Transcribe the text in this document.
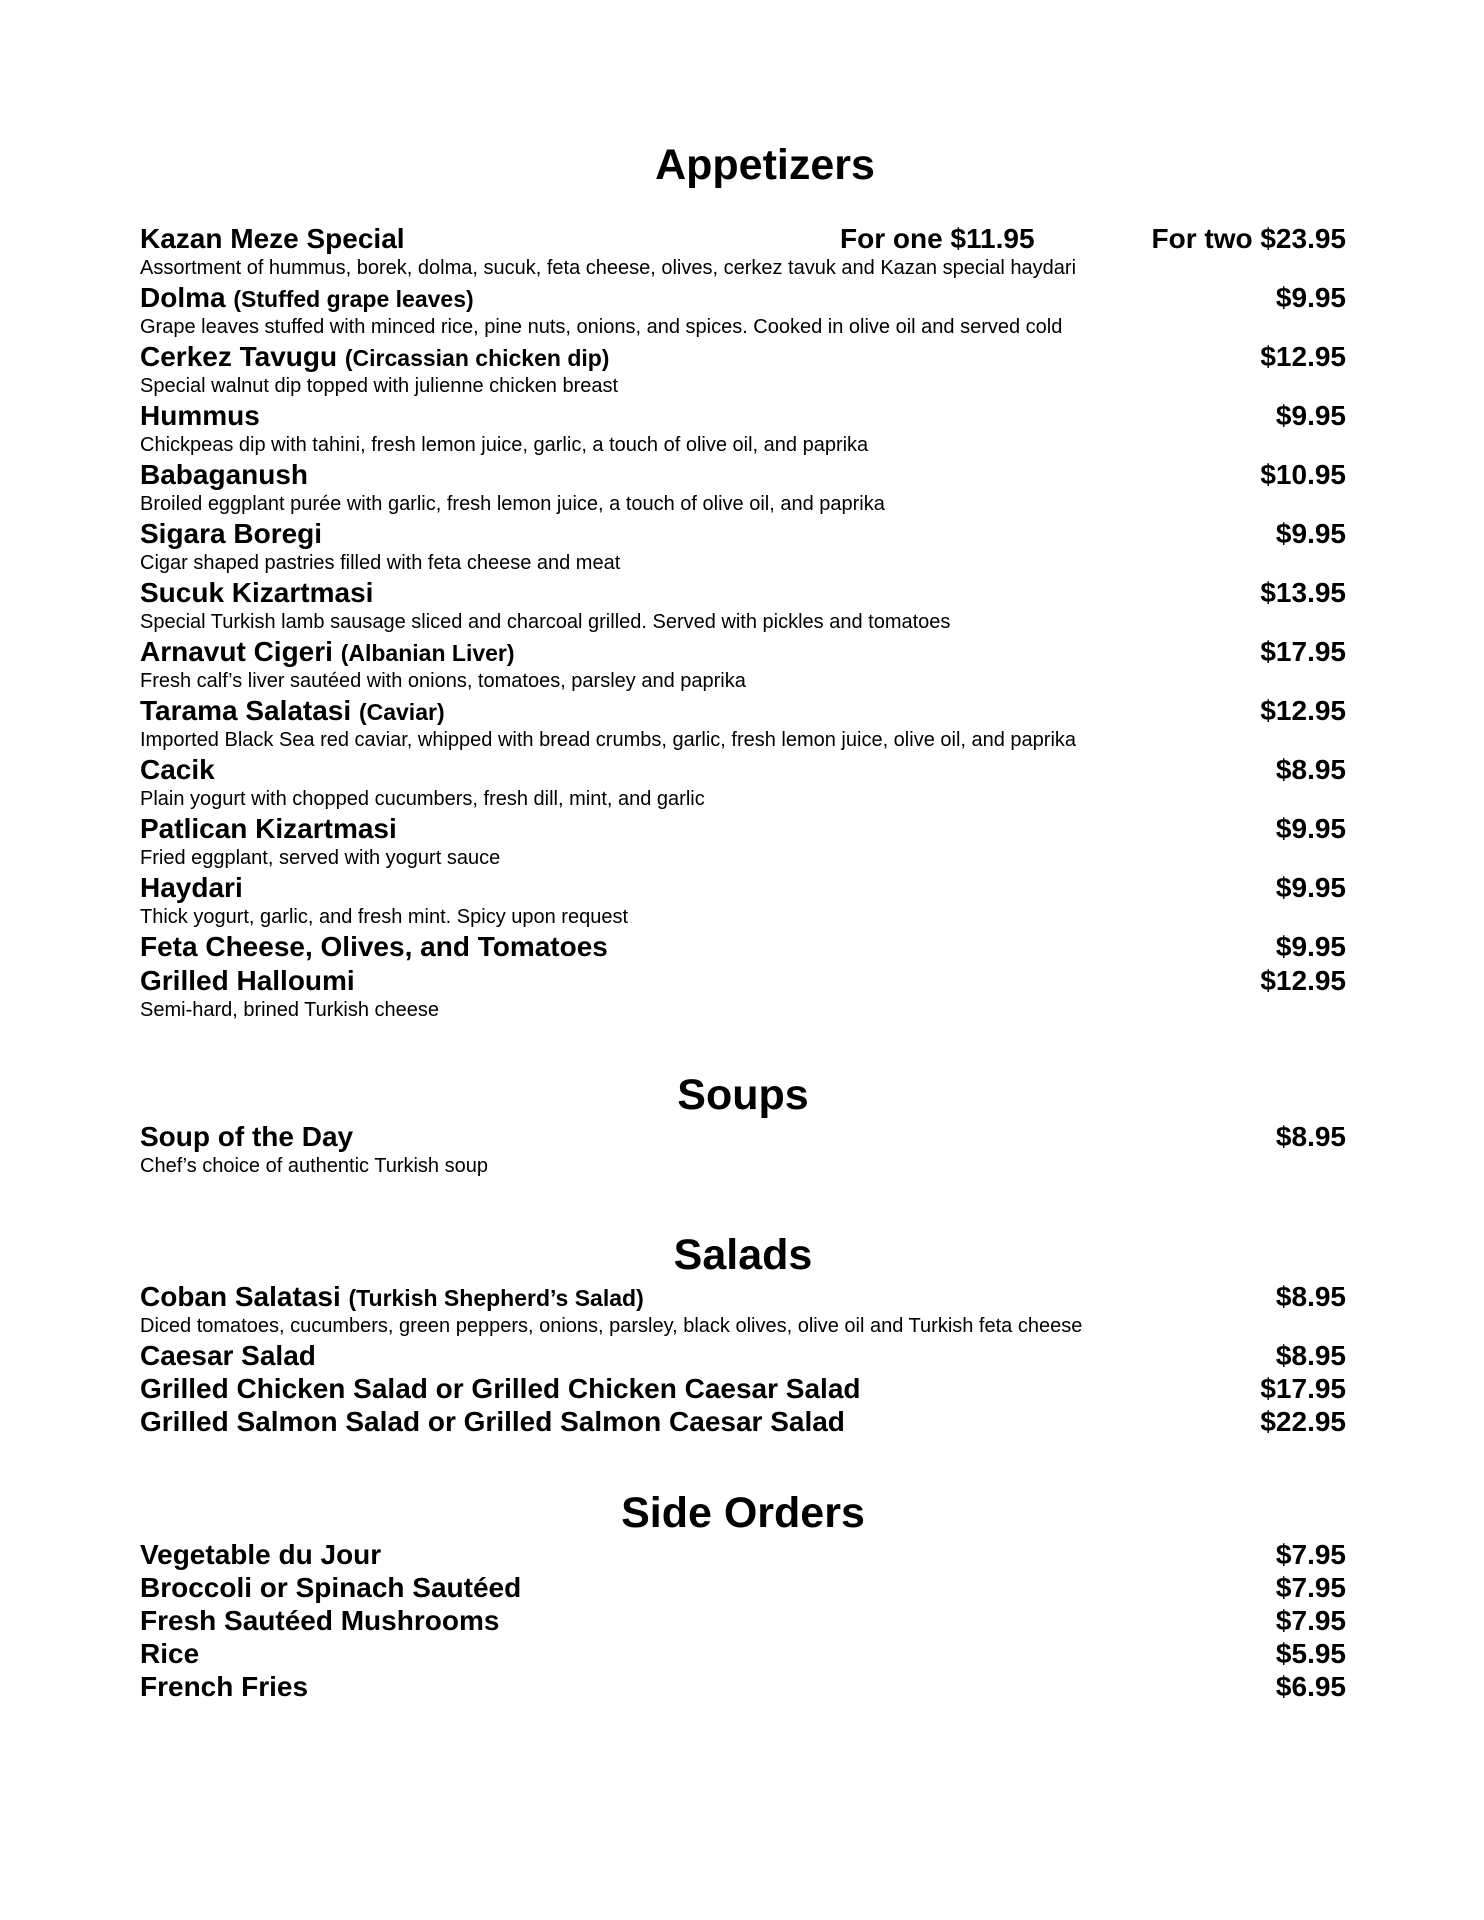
Appetizers
Kazan Meze Special	For one $11.95	For two $23.95
Assortment of hummus, borek, dolma, sucuk, feta cheese, olives, cerkez tavuk and Kazan special haydari
Dolma (Stuffed grape leaves)	$9.95
Grape leaves stuffed with minced rice, pine nuts, onions, and spices. Cooked in olive oil and served cold
Cerkez Tavugu (Circassian chicken dip)	$12.95
Special walnut dip topped with julienne chicken breast
Hummus	$9.95
Chickpeas dip with tahini, fresh lemon juice, garlic, a touch of olive oil, and paprika
Babaganush	$10.95
Broiled eggplant purée with garlic, fresh lemon juice, a touch of olive oil, and paprika
Sigara Boregi	$9.95
Cigar shaped pastries filled with feta cheese and meat
Sucuk Kizartmasi	$13.95
Special Turkish lamb sausage sliced and charcoal grilled. Served with pickles and tomatoes
Arnavut Cigeri (Albanian Liver)	$17.95
Fresh calf’s liver sautéed with onions, tomatoes, parsley and paprika
Tarama Salatasi (Caviar)	$12.95
Imported Black Sea red caviar, whipped with bread crumbs, garlic, fresh lemon juice, olive oil, and paprika
Cacik	$8.95
Plain yogurt with chopped cucumbers, fresh dill, mint, and garlic
Patlican Kizartmasi	$9.95
Fried eggplant, served with yogurt sauce
Haydari	$9.95
Thick yogurt, garlic, and fresh mint. Spicy upon request
Feta Cheese, Olives, and Tomatoes	$9.95
Grilled Halloumi	$12.95
Semi-hard, brined Turkish cheese
Soups
Soup of the Day	$8.95
Chef’s choice of authentic Turkish soup
Salads
Coban Salatasi (Turkish Shepherd’s Salad)	$8.95
Diced tomatoes, cucumbers, green peppers, onions, parsley, black olives, olive oil and Turkish feta cheese
Caesar Salad	$8.95
Grilled Chicken Salad or Grilled Chicken Caesar Salad	$17.95
Grilled Salmon Salad or Grilled Salmon Caesar Salad	$22.95
Side Orders
Vegetable du Jour	$7.95
Broccoli or Spinach Sautéed	$7.95
Fresh Sautéed Mushrooms	$7.95
Rice	$5.95
French Fries	$6.95
